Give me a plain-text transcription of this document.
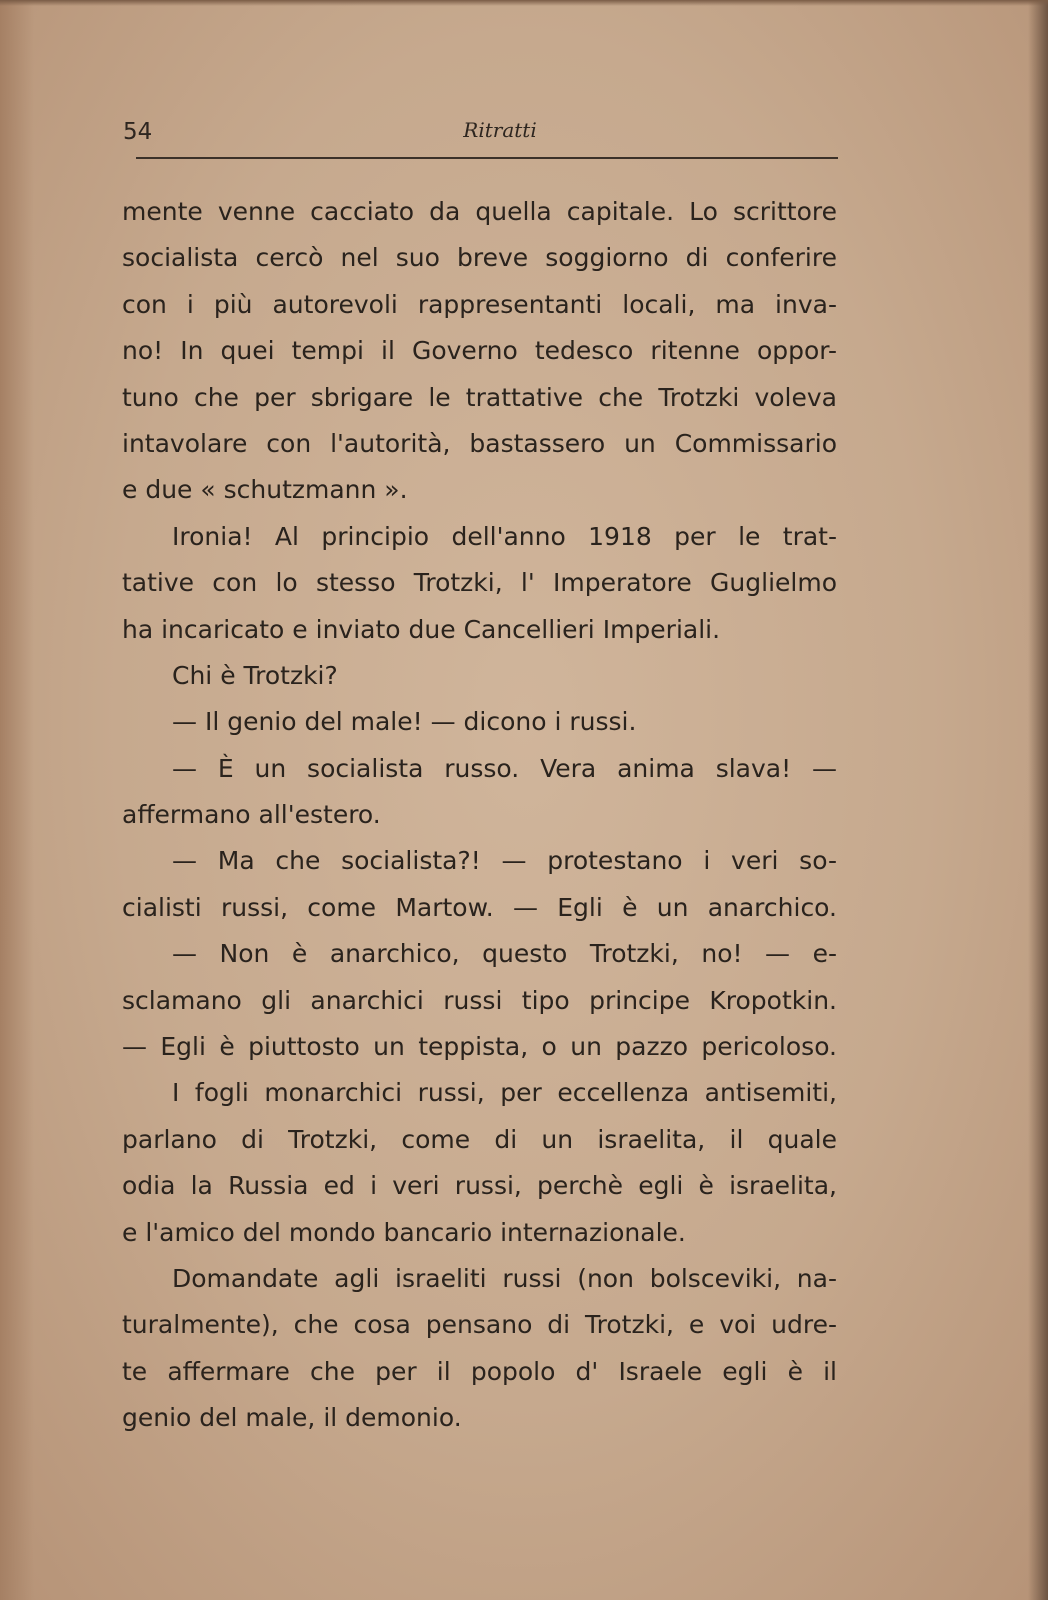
54	Ritratti
mente venne cacciato da quella capitale. Lo scrittore
socialista cercò nel suo breve soggiorno di conferire
con i più autorevoli rappresentanti locali, ma inva-
no! In quei tempi il Governo tedesco ritenne oppor-
tuno che per sbrigare le trattative che Trotzki voleva
intavolare con l'autorità, bastassero un Commissario
e due « schutzmann ».
Ironia! Al principio dell'anno 1918 per le trat-
tative con lo stesso Trotzki, l' Imperatore Guglielmo
ha incaricato e inviato due Cancellieri Imperiali.
Chi è Trotzki?
— Il genio del male! — dicono i russi.
— È un socialista russo. Vera anima slava! —
affermano all'estero.
— Ma che socialista?! — protestano i veri so-
cialisti russi, come Martow. — Egli è un anarchico.
— Non è anarchico, questo Trotzki, no! — e-
sclamano gli anarchici russi tipo principe Kropotkin.
— Egli è piuttosto un teppista, o un pazzo pericoloso.
I fogli monarchici russi, per eccellenza antisemiti,
parlano di Trotzki, come di un israelita, il quale
odia la Russia ed i veri russi, perchè egli è israelita,
e l'amico del mondo bancario internazionale.
Domandate agli israeliti russi (non bolsceviki, na-
turalmente), che cosa pensano di Trotzki, e voi udre-
te affermare che per il popolo d' Israele egli è il
genio del male, il demonio.
